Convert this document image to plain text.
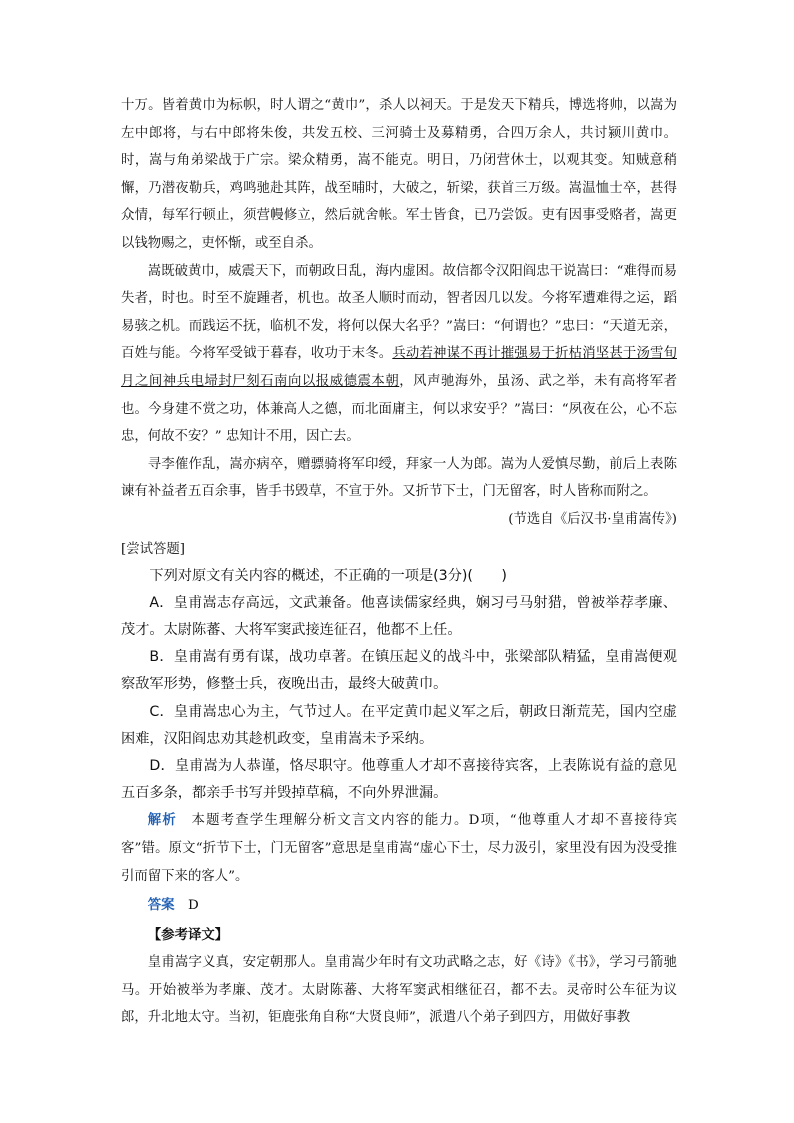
十万。皆着黄巾为标帜，时人谓之“黄巾”，杀人以祠天。于是发天下精兵，博选将帅，以嵩为左中郎将，与右中郎将朱俊，共发五校、三河骑士及募精勇，合四万余人，共讨颍川黄巾。时，嵩与角弟梁战于广宗。梁众精勇，嵩不能克。明日，乃闭营休士，以观其变。知贼意稍懈，乃潜夜勒兵，鸡鸣驰赴其阵，战至晡时，大破之，斩梁，获首三万级。嵩温恤士卒，甚得众情，每军行顿止，须营幔修立，然后就舍帐。军士皆食，已乃尝饭。吏有因事受赂者，嵩更以钱物赐之，吏怀惭，或至自杀。

嵩既破黄巾，威震天下，而朝政日乱，海内虚困。故信都令汉阳阎忠干说嵩曰：“难得而易失者，时也。时至不旋踵者，机也。故圣人顺时而动，智者因几以发。今将军遭难得之运，蹈易骇之机。而践运不抚，临机不发，将何以保大名乎？”嵩曰：“何谓也？”忠曰：“天道无亲，百姓与能。今将军受钺于暮春，收功于末冬。兵动若神谋不再计摧强易于折枯消坚甚于汤雪旬月之间神兵电埽封尸刻石南向以报威德震本朝，风声驰海外，虽汤、武之举，未有高将军者也。今身建不赏之功，体兼高人之德，而北面庸主，何以求安乎？”嵩曰：“夙夜在公，心不忘忠，何故不安？” 忠知计不用，因亡去。

寻李傕作乱，嵩亦病卒，赠骠骑将军印绶，拜家一人为郎。嵩为人爱慎尽勤，前后上表陈谏有补益者五百余事，皆手书毁草，不宣于外。又折节下士，门无留客，时人皆称而附之。

(节选自《后汉书·皇甫嵩传》)

[尝试答题]

下列对原文有关内容的概述，不正确的一项是(3分)(　　)

A．皇甫嵩志存高远，文武兼备。他喜读儒家经典，娴习弓马射猎，曾被举荐孝廉、茂才。太尉陈蕃、大将军窦武接连征召，他都不上任。

B．皇甫嵩有勇有谋，战功卓著。在镇压起义的战斗中，张梁部队精猛，皇甫嵩便观察敌军形势，修整士兵，夜晚出击，最终大破黄巾。

C．皇甫嵩忠心为主，气节过人。在平定黄巾起义军之后，朝政日渐荒芜，国内空虚困难，汉阳阎忠劝其趁机政变，皇甫嵩未予采纳。

D．皇甫嵩为人恭谨，恪尽职守。他尊重人才却不喜接待宾客，上表陈说有益的意见五百多条，都亲手书写并毁掉草稿，不向外界泄漏。

解析　本题考查学生理解分析文言文内容的能力。D项，“他尊重人才却不喜接待宾客”错。原文“折节下士，门无留客”意思是皇甫嵩“虚心下士，尽力汲引，家里没有因为没受推引而留下来的客人”。

答案　D

【参考译文】

皇甫嵩字义真，安定朝那人。皇甫嵩少年时有文功武略之志，好《诗》《书》，学习弓箭驰马。开始被举为孝廉、茂才。太尉陈蕃、大将军窦武相继征召，都不去。灵帝时公车征为议郎，升北地太守。当初，钜鹿张角自称“大贤良师”，派遣八个弟子到四方，用做好事教
